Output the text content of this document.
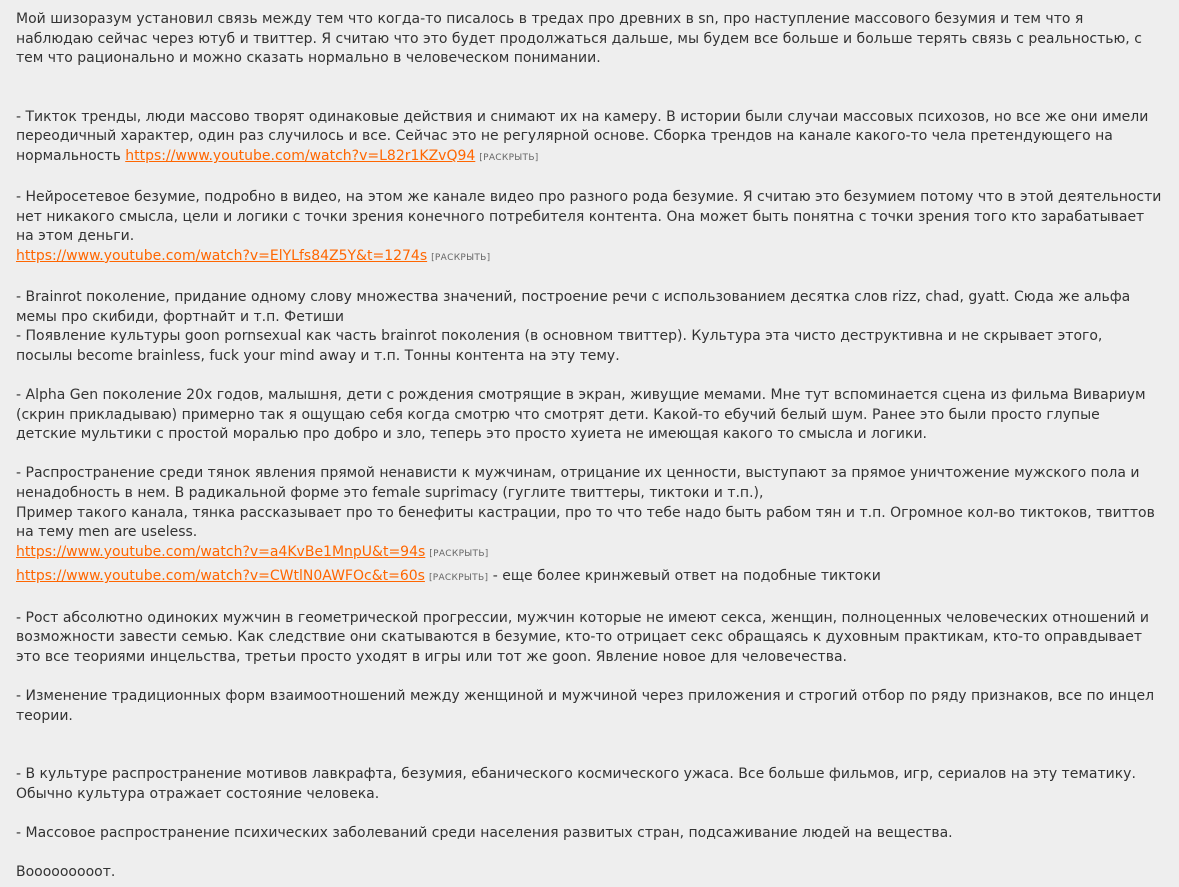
Мой шизоразум установил связь между тем что когда-то писалось в тредах про древних в sn, про наступление массового безумия и тем что я наблюдаю сейчас через ютуб и твиттер. Я считаю что это будет продолжаться дальше, мы будем все больше и больше терять связь с реальностью, с тем что рационально и можно сказать нормально в человеческом понимании.

- Тикток тренды, люди массово творят одинаковые действия и снимают их на камеру. В истории были случаи массовых психозов, но все же они имели переодичный характер, один раз случилось и все. Сейчас это не регулярной основе. Сборка трендов на канале какого-то чела претендующего на нормальность https://www.youtube.com/watch?v=L82r1KZvQ94 [РАСКРЫТЬ]

- Нейросетевое безумие, подробно в видео, на этом же канале видео про разного рода безумие. Я считаю это безумием потому что в этой деятельности нет никакого смысла, цели и логики с точки зрения конечного потребителя контента. Она может быть понятна с точки зрения того кто зарабатывает на этом деньги.

https://www.youtube.com/watch?v=ElYLfs84Z5Y&t=1274s [РАСКРЫТЬ]

- Brainrot поколение, придание одному слову множества значений, построение речи с использованием десятка слов rizz, chad, gyatt. Сюда же альфа мемы про скибиди, фортнайт и т.п. Фетиши

- Появление культуры goon pornsexual как часть brainrot поколения (в основном твиттер). Культура эта чисто деструктивна и не скрывает этого, посылы become brainless, fuck your mind away и т.п. Тонны контента на эту тему.

- Alpha Gen поколение 20х годов, малышня, дети с рождения смотрящие в экран, живущие мемами. Мне тут вспоминается сцена из фильма Вивариум (скрин прикладываю) примерно так я ощущаю себя когда смотрю что смотрят дети. Какой-то ебучий белый шум. Ранее это были просто глупые детские мультики с простой моралью про добро и зло, теперь это просто хуиета не имеющая какого то смысла и логики.

- Распространение среди тянок явления прямой ненависти к мужчинам, отрицание их ценности, выступают за прямое уничтожение мужского пола и ненадобность в нем. В радикальной форме это female suprimacy (гуглите твиттеры, тиктоки и т.п.),

Пример такого канала, тянка рассказывает про то бенефиты кастрации, про то что тебе надо быть рабом тян и т.п. Огромное кол-во тиктоков, твиттов на тему men are useless.

https://www.youtube.com/watch?v=a4KvBe1MnpU&t=94s [РАСКРЫТЬ]

https://www.youtube.com/watch?v=CWtlN0AWFOc&t=60s [РАСКРЫТЬ] - еще более кринжевый ответ на подобные тиктоки

- Рост абсолютно одиноких мужчин в геометрической прогрессии, мужчин которые не имеют секса, женщин, полноценных человеческих отношений и возможности завести семью. Как следствие они скатываются в безумие, кто-то отрицает секс обращаясь к духовным практикам, кто-то оправдывает это все теориями инцельства, третьи просто уходят в игры или тот же goon. Явление новое для человечества.

- Изменение традиционных форм взаимоотношений между женщиной и мужчиной через приложения и строгий отбор по ряду признаков, все по инцел теории.

- В культуре распространение мотивов лавкрафта, безумия, ебанического космического ужаса. Все больше фильмов, игр, сериалов на эту тематику. Обычно культура отражает состояние человека.

- Массовое распространение психических заболеваний среди населения развитых стран, подсаживание людей на вещества.

Вооооооооот.
